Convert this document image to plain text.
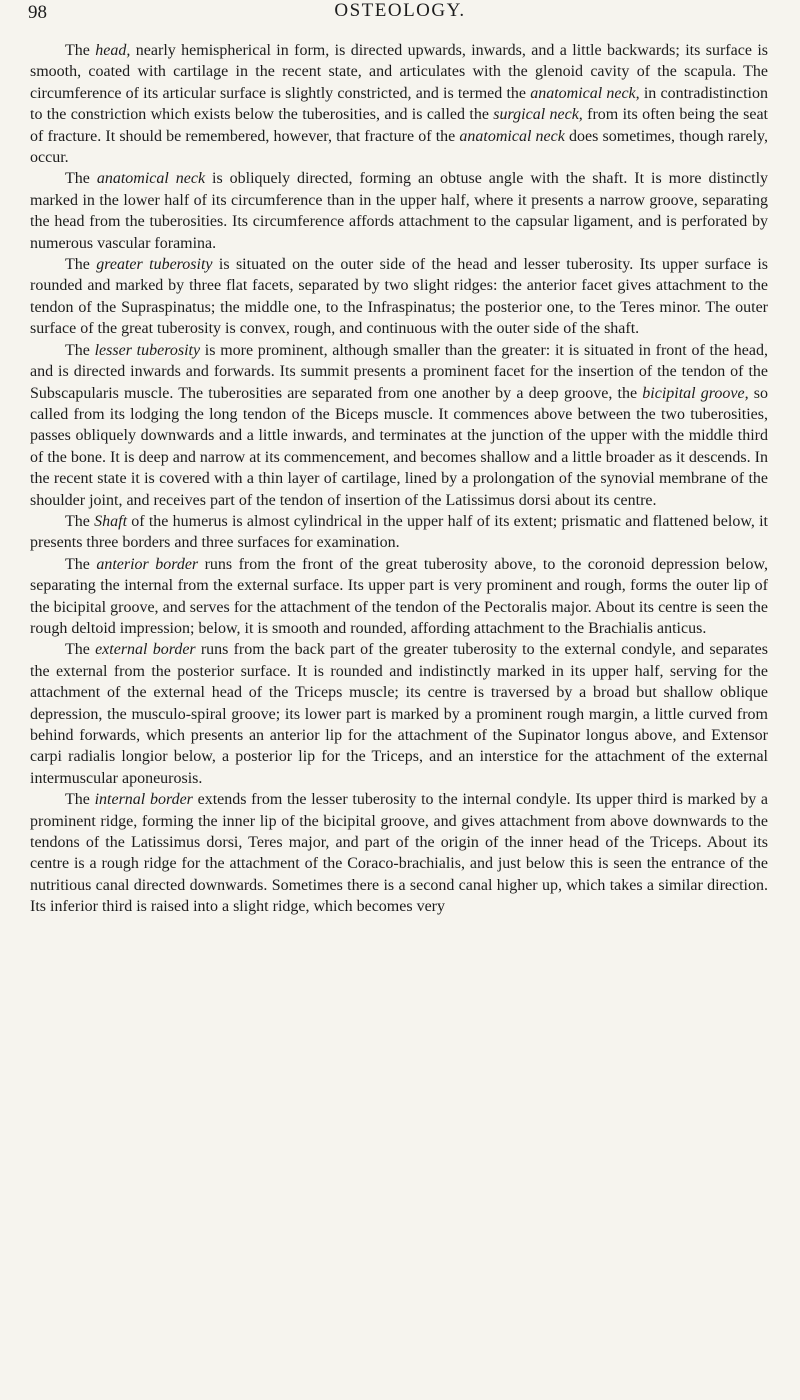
98	OSTEOLOGY.

The head, nearly hemispherical in form, is directed upwards, inwards, and a little backwards; its surface is smooth, coated with cartilage in the recent state, and articulates with the glenoid cavity of the scapula. The circumference of its articular surface is slightly constricted, and is termed the anatomical neck, in contradistinction to the constriction which exists below the tuberosities, and is called the surgical neck, from its often being the seat of fracture. It should be remembered, however, that fracture of the anatomical neck does sometimes, though rarely, occur.

The anatomical neck is obliquely directed, forming an obtuse angle with the shaft. It is more distinctly marked in the lower half of its circumference than in the upper half, where it presents a narrow groove, separating the head from the tuberosities. Its circumference affords attachment to the capsular ligament, and is perforated by numerous vascular foramina.

The greater tuberosity is situated on the outer side of the head and lesser tuberosity. Its upper surface is rounded and marked by three flat facets, separated by two slight ridges: the anterior facet gives attachment to the tendon of the Supraspinatus; the middle one, to the Infraspinatus; the posterior one, to the Teres minor. The outer surface of the great tuberosity is convex, rough, and continuous with the outer side of the shaft.

The lesser tuberosity is more prominent, although smaller than the greater: it is situated in front of the head, and is directed inwards and forwards. Its summit presents a prominent facet for the insertion of the tendon of the Subscapularis muscle. The tuberosities are separated from one another by a deep groove, the bicipital groove, so called from its lodging the long tendon of the Biceps muscle. It commences above between the two tuberosities, passes obliquely downwards and a little inwards, and terminates at the junction of the upper with the middle third of the bone. It is deep and narrow at its commencement, and becomes shallow and a little broader as it descends. In the recent state it is covered with a thin layer of cartilage, lined by a prolongation of the synovial membrane of the shoulder joint, and receives part of the tendon of insertion of the Latissimus dorsi about its centre.

The Shaft of the humerus is almost cylindrical in the upper half of its extent; prismatic and flattened below, it presents three borders and three surfaces for examination.

The anterior border runs from the front of the great tuberosity above, to the coronoid depression below, separating the internal from the external surface. Its upper part is very prominent and rough, forms the outer lip of the bicipital groove, and serves for the attachment of the tendon of the Pectoralis major. About its centre is seen the rough deltoid impression; below, it is smooth and rounded, affording attachment to the Brachialis anticus.

The external border runs from the back part of the greater tuberosity to the external condyle, and separates the external from the posterior surface. It is rounded and indistinctly marked in its upper half, serving for the attachment of the external head of the Triceps muscle; its centre is traversed by a broad but shallow oblique depression, the musculo-spiral groove; its lower part is marked by a prominent rough margin, a little curved from behind forwards, which presents an anterior lip for the attachment of the Supinator longus above, and Extensor carpi radialis longior below, a posterior lip for the Triceps, and an interstice for the attachment of the external intermuscular aponeurosis.

The internal border extends from the lesser tuberosity to the internal condyle. Its upper third is marked by a prominent ridge, forming the inner lip of the bicipital groove, and gives attachment from above downwards to the tendons of the Latissimus dorsi, Teres major, and part of the origin of the inner head of the Triceps. About its centre is a rough ridge for the attachment of the Coraco-brachialis, and just below this is seen the entrance of the nutritious canal directed downwards. Sometimes there is a second canal higher up, which takes a similar direction. Its inferior third is raised into a slight ridge, which becomes very
